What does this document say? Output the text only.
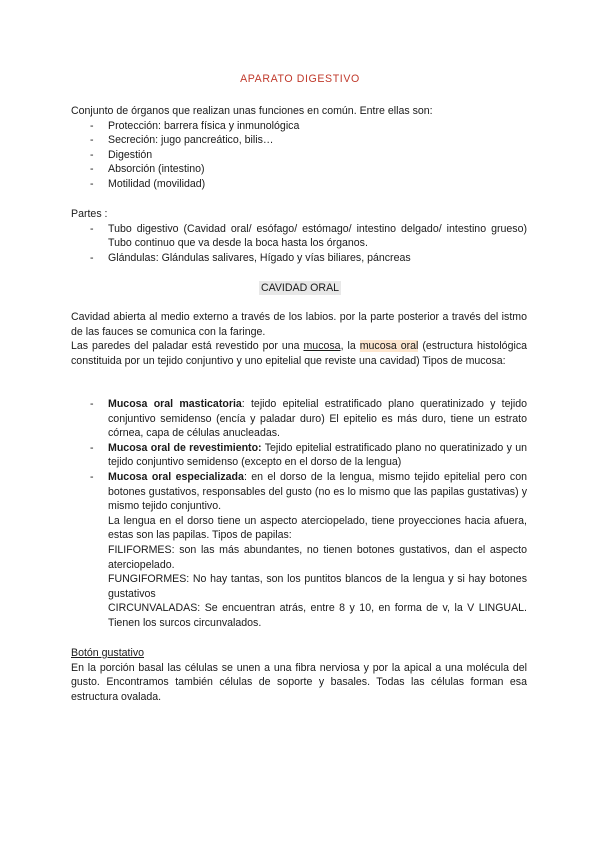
APARATO DIGESTIVO
Conjunto de órganos que realizan unas funciones en común. Entre ellas son:
- Protección: barrera física y inmunológica
- Secreción: jugo pancreático, bilis…
- Digestión
- Absorción (intestino)
- Motilidad (movilidad)
Partes :
- Tubo digestivo (Cavidad oral/ esófago/ estómago/ intestino delgado/ intestino grueso) Tubo continuo que va desde la boca hasta los órganos.
- Glándulas: Glándulas salivares, Hígado y vías biliares, páncreas
CAVIDAD ORAL
Cavidad abierta al medio externo a través de los labios. por la parte posterior a través del istmo de las fauces se comunica con la faringe.
Las paredes del paladar está revestido por una mucosa, la mucosa oral (estructura histológica constituida por un tejido conjuntivo y uno epitelial que reviste una cavidad) Tipos de mucosa:
- Mucosa oral masticatoria: tejido epitelial estratificado plano queratinizado y tejido conjuntivo semidenso (encía y paladar duro) El epitelio es más duro, tiene un estrato córnea, capa de células anucleadas.
- Mucosa oral de revestimiento: Tejido epitelial estratificado plano no queratinizado y un tejido conjuntivo semidenso (excepto en el dorso de la lengua)
- Mucosa oral especializada: en el dorso de la lengua, mismo tejido epitelial pero con botones gustativos, responsables del gusto (no es lo mismo que las papilas gustativas) y mismo tejido conjuntivo.

La lengua en el dorso tiene un aspecto aterciopelado, tiene proyecciones hacia afuera, estas son las papilas. Tipos de papilas:

FILIFORMES: son las más abundantes, no tienen botones gustativos, dan el aspecto aterciopelado.

FUNGIFORMES: No hay tantas, son los puntitos blancos de la lengua y si hay botones gustativos

CIRCUNVALADAS: Se encuentran atrás, entre 8 y 10, en forma de v, la V LINGUAL. Tienen los surcos circunvalados.

Botón gustativo
En la porción basal las células se unen a una fibra nerviosa y por la apical a una molécula del gusto. Encontramos también células de soporte y basales. Todas las células forman esa estructura ovalada.
